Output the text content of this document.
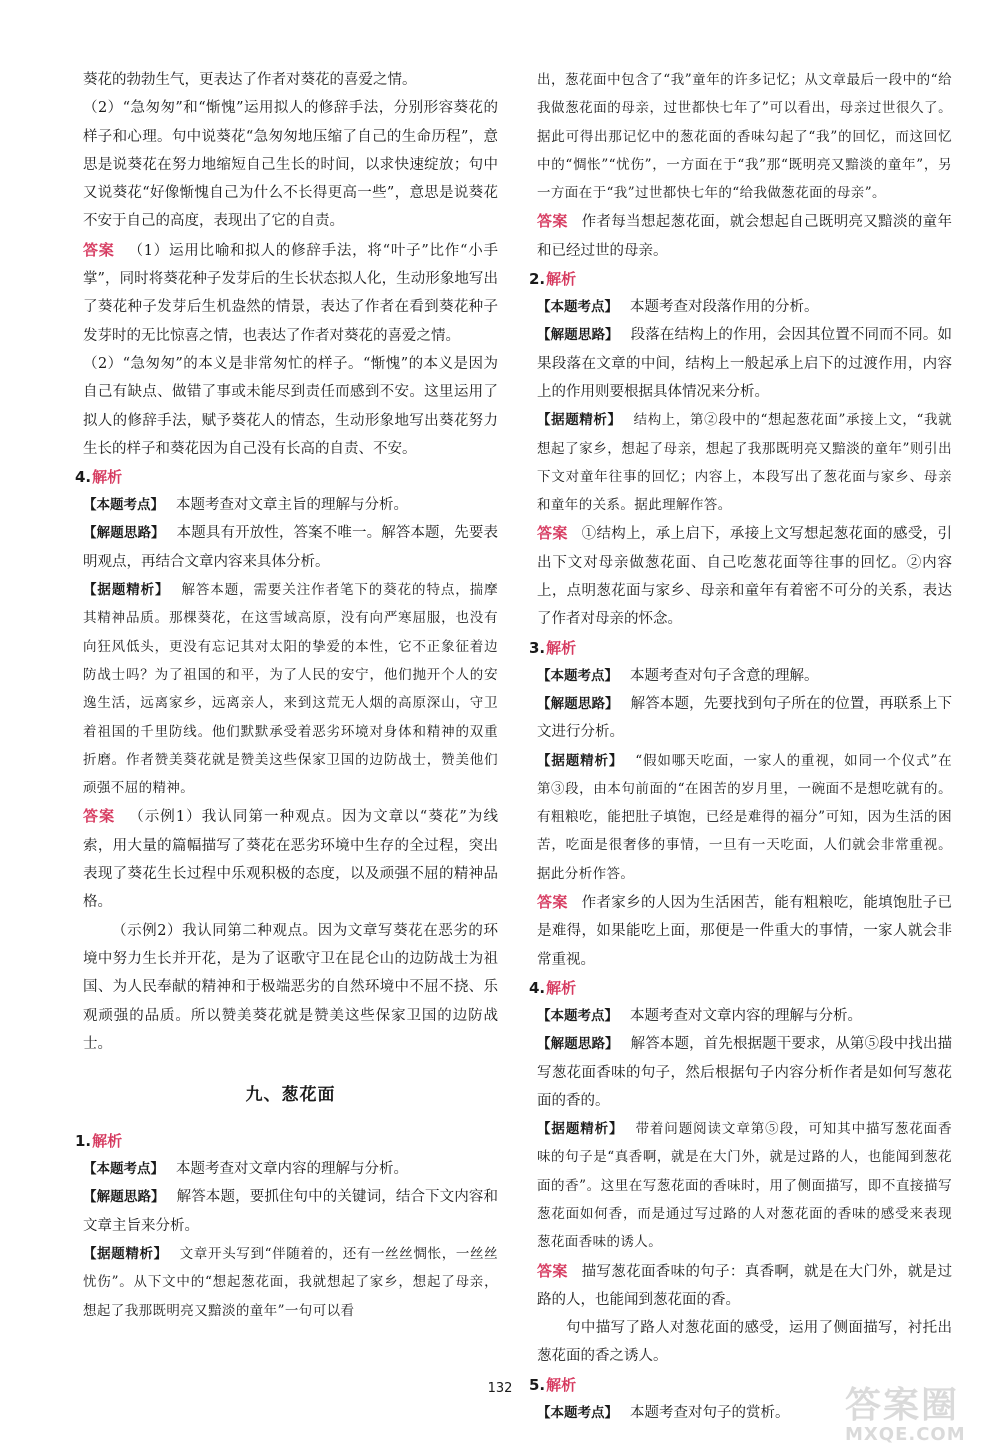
葵花的勃勃生气，更表达了作者对葵花的喜爱之情。

（2）“急匆匆”和“惭愧”运用拟人的修辞手法，分别形容葵花的样子和心理。句中说葵花“急匆匆地压缩了自己的生命历程”，意思是说葵花在努力地缩短自己生长的时间，以求快速绽放；句中又说葵花“好像惭愧自己为什么不长得更高一些”，意思是说葵花不安于自己的高度，表现出了它的自责。

答案 （1）运用比喻和拟人的修辞手法，将“叶子”比作“小手掌”，同时将葵花种子发芽后的生长状态拟人化，生动形象地写出了葵花种子发芽后生机盎然的情景，表达了作者在看到葵花种子发芽时的无比惊喜之情，也表达了作者对葵花的喜爱之情。

（2）“急匆匆”的本义是非常匆忙的样子。“惭愧”的本义是因为自己有缺点、做错了事或未能尽到责任而感到不安。这里运用了拟人的修辞手法，赋予葵花人的情态，生动形象地写出葵花努力生长的样子和葵花因为自己没有长高的自责、不安。

4.解析

【本题考点】 本题考查对文章主旨的理解与分析。

【解题思路】 本题具有开放性，答案不唯一。解答本题，先要表明观点，再结合文章内容来具体分析。

【据题精析】 解答本题，需要关注作者笔下的葵花的特点，揣摩其精神品质。那棵葵花，在这雪域高原，没有向严寒屈服，也没有向狂风低头，更没有忘记其对太阳的挚爱的本性，它不正象征着边防战士吗？为了祖国的和平，为了人民的安宁，他们抛开个人的安逸生活，远离家乡，远离亲人，来到这荒无人烟的高原深山，守卫着祖国的千里防线。他们默默承受着恶劣环境对身体和精神的双重折磨。作者赞美葵花就是赞美这些保家卫国的边防战士，赞美他们顽强不屈的精神。

答案 （示例1）我认同第一种观点。因为文章以“葵花”为线索，用大量的篇幅描写了葵花在恶劣环境中生存的全过程，突出表现了葵花生长过程中乐观积极的态度，以及顽强不屈的精神品格。

（示例2）我认同第二种观点。因为文章写葵花在恶劣的环境中努力生长并开花，是为了讴歌守卫在昆仑山的边防战士为祖国、为人民奉献的精神和于极端恶劣的自然环境中不屈不挠、乐观顽强的品质。所以赞美葵花就是赞美这些保家卫国的边防战士。

九、葱花面

1.解析

【本题考点】 本题考查对文章内容的理解与分析。

【解题思路】 解答本题，要抓住句中的关键词，结合下文内容和文章主旨来分析。

【据题精析】 文章开头写到“伴随着的，还有一丝丝惆怅，一丝丝忧伤”。从下文中的“想起葱花面，我就想起了家乡，想起了母亲，想起了我那既明亮又黯淡的童年”一句可以看

出，葱花面中包含了“我”童年的许多记忆；从文章最后一段中的“给我做葱花面的母亲，过世都快七年了”可以看出，母亲过世很久了。据此可得出那记忆中的葱花面的香味勾起了“我”的回忆，而这回忆中的“惆怅”“忧伤”，一方面在于“我”那“既明亮又黯淡的童年”，另一方面在于“我”过世都快七年的“给我做葱花面的母亲”。

答案 作者每当想起葱花面，就会想起自己既明亮又黯淡的童年和已经过世的母亲。

2.解析

【本题考点】 本题考查对段落作用的分析。

【解题思路】 段落在结构上的作用，会因其位置不同而不同。如果段落在文章的中间，结构上一般起承上启下的过渡作用，内容上的作用则要根据具体情况来分析。

【据题精析】 结构上，第②段中的“想起葱花面”承接上文，“我就想起了家乡，想起了母亲，想起了我那既明亮又黯淡的童年”则引出下文对童年往事的回忆；内容上，本段写出了葱花面与家乡、母亲和童年的关系。据此理解作答。

答案 ①结构上，承上启下，承接上文写想起葱花面的感受，引出下文对母亲做葱花面、自己吃葱花面等往事的回忆。②内容上，点明葱花面与家乡、母亲和童年有着密不可分的关系，表达了作者对母亲的怀念。

3.解析

【本题考点】 本题考查对句子含意的理解。

【解题思路】 解答本题，先要找到句子所在的位置，再联系上下文进行分析。

【据题精析】 “假如哪天吃面，一家人的重视，如同一个仪式”在第③段，由本句前面的“在困苦的岁月里，一碗面不是想吃就有的。有粗粮吃，能把肚子填饱，已经是难得的福分”可知，因为生活的困苦，吃面是很奢侈的事情，一旦有一天吃面，人们就会非常重视。据此分析作答。

答案 作者家乡的人因为生活困苦，能有粗粮吃，能填饱肚子已是难得，如果能吃上面，那便是一件重大的事情，一家人就会非常重视。

4.解析

【本题考点】 本题考查对文章内容的理解与分析。

【解题思路】 解答本题，首先根据题干要求，从第⑤段中找出描写葱花面香味的句子，然后根据句子内容分析作者是如何写葱花面的香的。

【据题精析】 带着问题阅读文章第⑤段，可知其中描写葱花面香味的句子是“真香啊，就是在大门外，就是过路的人，也能闻到葱花面的香”。这里在写葱花面的香味时，用了侧面描写，即不直接描写葱花面如何香，而是通过写过路的人对葱花面的香味的感受来表现葱花面香味的诱人。

答案 描写葱花面香味的句子：真香啊，就是在大门外，就是过路的人，也能闻到葱花面的香。

句中描写了路人对葱花面的感受，运用了侧面描写，衬托出葱花面的香之诱人。

5.解析

【本题考点】 本题考查对句子的赏析。

132	答案圈
MXQE.COM
